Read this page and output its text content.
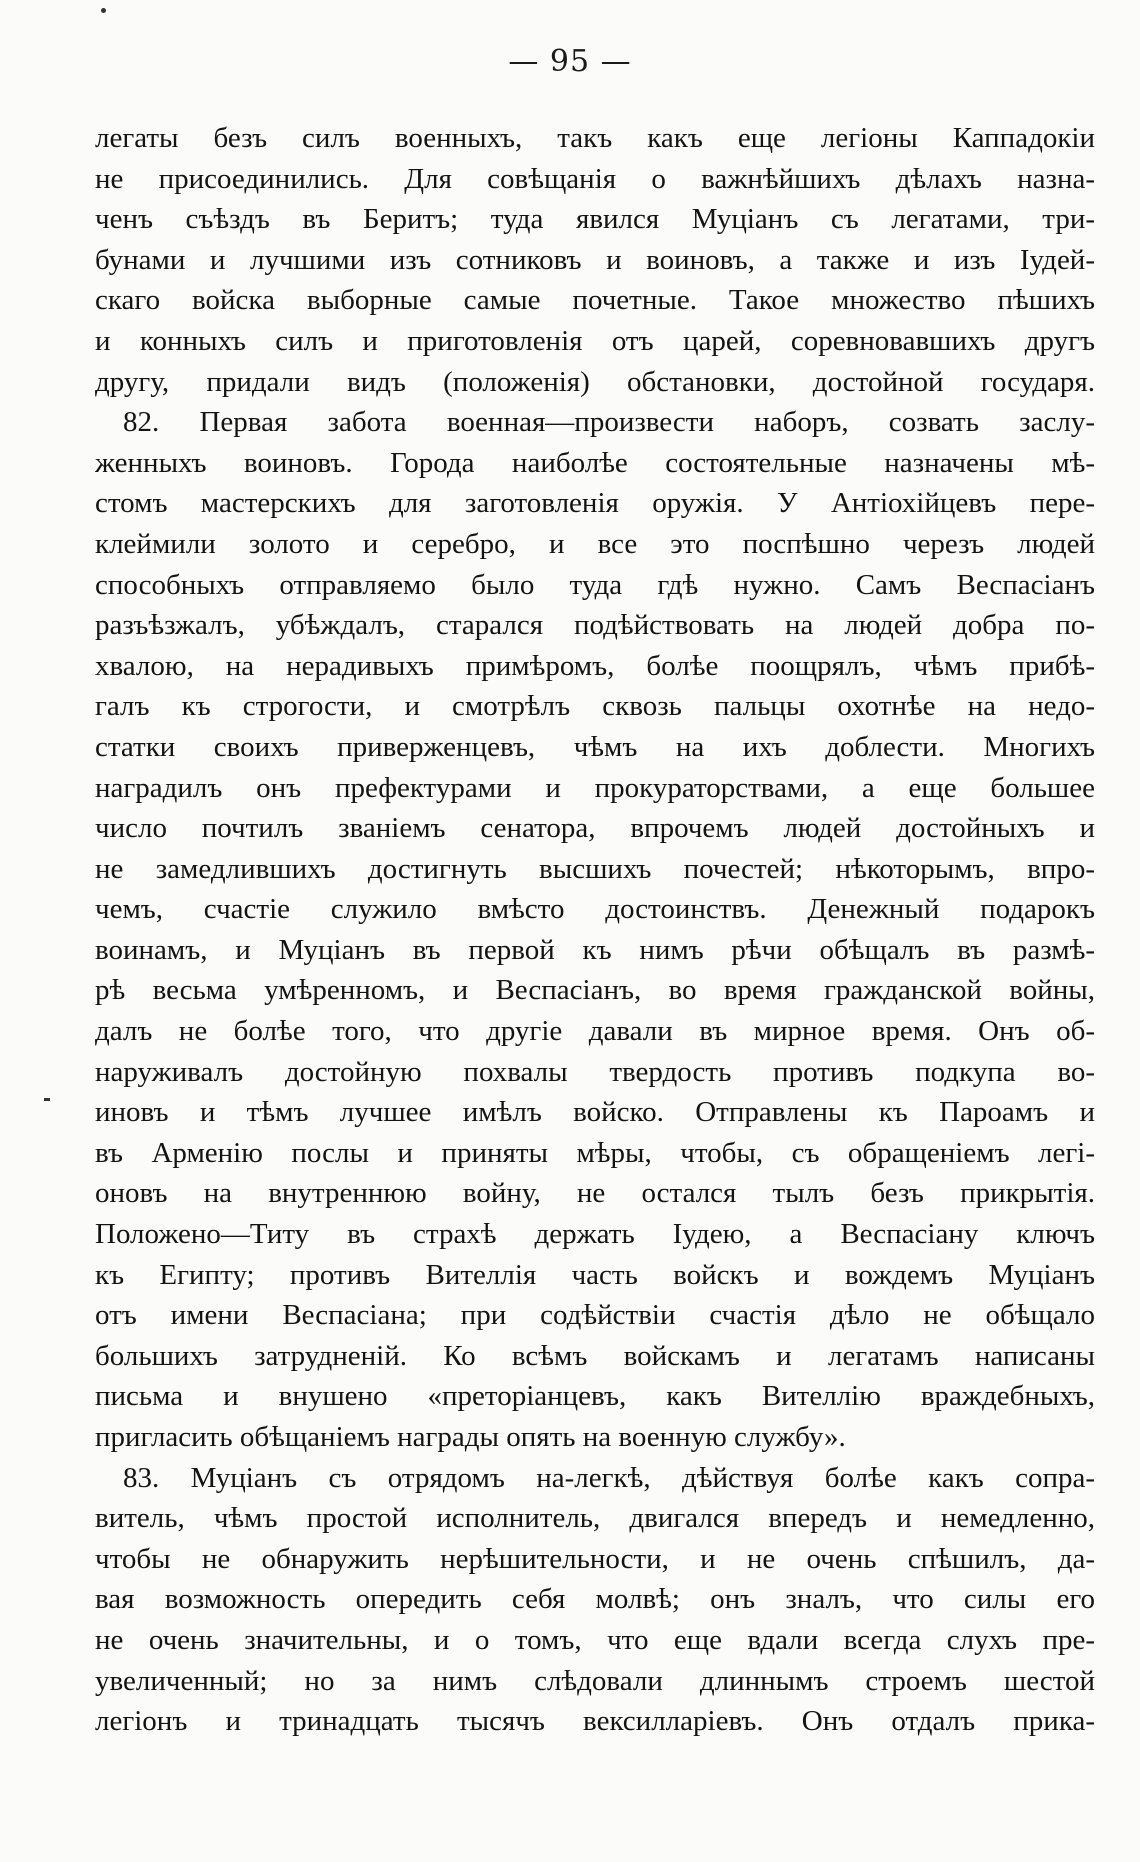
— 95 —
легаты безъ силъ военныхъ, такъ какъ еще легіоны Каппадокіи
не присоединились. Для совѣщанія о важнѣйшихъ дѣлахъ назна-
ченъ съѣздъ въ Беритъ; туда явился Муціанъ съ легатами, три-
бунами и лучшими изъ сотниковъ и воиновъ, а также и изъ Іудей-
скаго войска выборные самые почетные. Такое множество пѣшихъ
и конныхъ силъ и приготовленія отъ царей, соревновавшихъ другъ
другу, придали видъ (положенія) обстановки, достойной государя.
82. Первая забота военная—произвести наборъ, созвать заслу-
женныхъ воиновъ. Города наиболѣе состоятельные назначены мѣ-
стомъ мастерскихъ для заготовленія оружія. У Антіохійцевъ пере-
клеймили золото и серебро, и все это поспѣшно черезъ людей
способныхъ отправляемо было туда гдѣ нужно. Самъ Веспасіанъ
разъѣзжалъ, убѣждалъ, старался подѣйствовать на людей добра по-
хвалою, на нерадивыхъ примѣромъ, болѣе поощрялъ, чѣмъ прибѣ-
галъ къ строгости, и смотрѣлъ сквозь пальцы охотнѣе на недо-
статки своихъ приверженцевъ, чѣмъ на ихъ доблести. Многихъ
наградилъ онъ префектурами и прокураторствами, а еще большее
число почтилъ званіемъ сенатора, впрочемъ людей достойныхъ и
не замедлившихъ достигнуть высшихъ почестей; нѣкоторымъ, впро-
чемъ, счастіе служило вмѣсто достоинствъ. Денежный подарокъ
воинамъ, и Муціанъ въ первой къ нимъ рѣчи обѣщалъ въ размѣ-
рѣ весьма умѣренномъ, и Веспасіанъ, во время гражданской войны,
далъ не болѣе того, что другіе давали въ мирное время. Онъ об-
наруживалъ достойную похвалы твердость противъ подкупа во-
иновъ и тѣмъ лучшее имѣлъ войско. Отправлены къ Пароамъ и
въ Арменію послы и приняты мѣры, чтобы, съ обращеніемъ легі-
оновъ на внутреннюю войну, не остался тылъ безъ прикрытія.
Положено—Титу въ страхѣ держать Іудею, а Веспасіану ключъ
къ Египту; противъ Вителлія часть войскъ и вождемъ Муціанъ
отъ имени Веспасіана; при содѣйствіи счастія дѣло не обѣщало
большихъ затрудненій. Ко всѣмъ войскамъ и легатамъ написаны
письма и внушено «преторіанцевъ, какъ Вителлію враждебныхъ,
пригласить обѣщаніемъ награды опять на военную службу».
83. Муціанъ съ отрядомъ на-легкѣ, дѣйствуя болѣе какъ сопра-
витель, чѣмъ простой исполнитель, двигался впередъ и немедленно,
чтобы не обнаружить нерѣшительности, и не очень спѣшилъ, да-
вая возможность опередить себя молвѣ; онъ зналъ, что силы его
не очень значительны, и о томъ, что еще вдали всегда слухъ пре-
увеличенный; но за нимъ слѣдовали длиннымъ строемъ шестой
легіонъ и тринадцать тысячъ вексилларіевъ. Онъ отдалъ прика-
